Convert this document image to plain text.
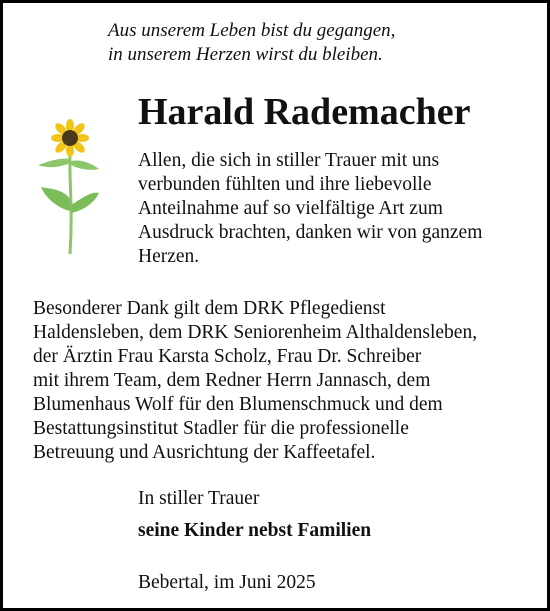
Aus unserem Leben bist du gegangen,
in unserem Herzen wirst du bleiben.
Harald Rademacher
Allen, die sich in stiller Trauer mit uns
verbunden fühlten und ihre liebevolle
Anteilnahme auf so vielfältige Art zum
Ausdruck brachten, danken wir von ganzem
Herzen.
Besonderer Dank gilt dem DRK Pflegedienst
Haldensleben, dem DRK Seniorenheim Althaldensleben,
der Ärztin Frau Karsta Scholz, Frau Dr. Schreiber
mit ihrem Team, dem Redner Herrn Jannasch, dem
Blumenhaus Wolf für den Blumenschmuck und dem
Bestattungsinstitut Stadler für die professionelle
Betreuung und Ausrichtung der Kaffeetafel.
In stiller Trauer
seine Kinder nebst Familien
Bebertal, im Juni 2025
